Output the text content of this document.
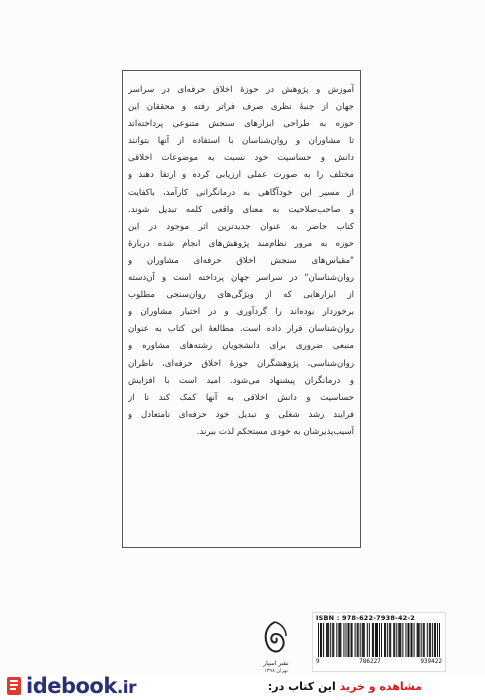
آموزش و پژوهش در حوزهٔ اخلاق حرفه‌ای در سراسر
جهان از جنبهٔ نظری صرف فراتر رفته و محققان این
حوزه به طراحی ابزارهای سنجش متنوعی پرداخته‌اند
تا مشاوران و روان‌شناسان با استفاده از آنها بتوانند
دانش و حساسیت خود نسبت به موضوعات اخلاقی
مختلف را به صورت عملی ارزیابی کرده و ارتقا دهند و
از مسیر این خودآگاهی به درمانگرانی کارآمد، باکفایت
و صاحب‌صلاحیت به معنای واقعی کلمه تبدیل شوند.
کتاب حاضر به عنوان جدیدترین اثر موجود در این
حوزه به مرور نظام‌مند پژوهش‌های انجام شده دربارهٔ
"مقیاس‌های سنجش اخلاق حرفه‌ای مشاوران و
روان‌شناسان" در سراسر جهان پرداخته است و آن‌دسته
از ابزارهایی که از ویژگی‌های روان‌سنجی مطلوب
برخوردار بوده‌اند را گردآوری و در اختیار مشاوران و
روان‌شناسان قرار داده است. مطالعهٔ این کتاب به عنوان
منبعی ضروری برای دانشجویان رشته‌های مشاوره و
روان‌شناسی، پژوهشگران حوزهٔ اخلاق حرفه‌ای، ناظران
و درمانگران پیشنهاد می‌شود. امید است با افزایش
حساسیت و دانش اخلاقی به آنها کمک کند تا از
فرایند رشد شغلی و تبدیل خود حرفه‌ای نامتعادل و
آسیب‌پذیرشان به خودی مستحکم لذت ببرند.
نشر اسپار
تهران ۱۳۹۸
ISBN : 978-622-7938-42-2
9	786227	939422
idebook.ir	مشاهده و خرید این کتاب در:
